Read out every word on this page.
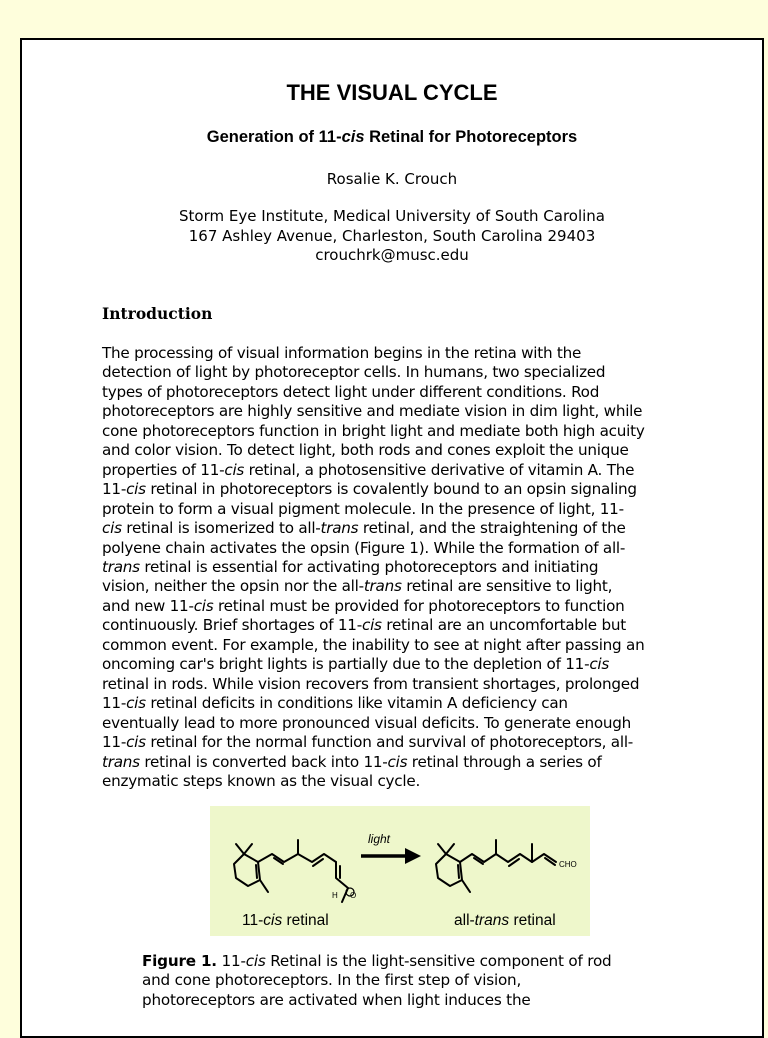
THE VISUAL CYCLE
Generation of 11-cis Retinal for Photoreceptors
Rosalie K. Crouch
Storm Eye Institute, Medical University of South Carolina
167 Ashley Avenue, Charleston, South Carolina 29403
crouchrk@musc.edu
Introduction
The processing of visual information begins in the retina with the
detection of light by photoreceptor cells. In humans, two specialized
types of photoreceptors detect light under different conditions. Rod
photoreceptors are highly sensitive and mediate vision in dim light, while
cone photoreceptors function in bright light and mediate both high acuity
and color vision. To detect light, both rods and cones exploit the unique
properties of 11-cis retinal, a photosensitive derivative of vitamin A. The
11-cis retinal in photoreceptors is covalently bound to an opsin signaling
protein to form a visual pigment molecule. In the presence of light, 11-
cis retinal is isomerized to all-trans retinal, and the straightening of the
polyene chain activates the opsin (Figure 1). While the formation of all-
trans retinal is essential for activating photoreceptors and initiating
vision, neither the opsin nor the all-trans retinal are sensitive to light,
and new 11-cis retinal must be provided for photoreceptors to function
continuously. Brief shortages of 11-cis retinal are an uncomfortable but
common event. For example, the inability to see at night after passing an
oncoming car's bright lights is partially due to the depletion of 11-cis
retinal in rods. While vision recovers from transient shortages, prolonged
11-cis retinal deficits in conditions like vitamin A deficiency can
eventually lead to more pronounced visual deficits. To generate enough
11-cis retinal for the normal function and survival of photoreceptors, all-
trans retinal is converted back into 11-cis retinal through a series of
enzymatic steps known as the visual cycle.
H O
light
CHO
11-cis retinal	all-trans retinal
Figure 1. 11-cis Retinal is the light-sensitive component of rod
and cone photoreceptors. In the first step of vision,
photoreceptors are activated when light induces the
